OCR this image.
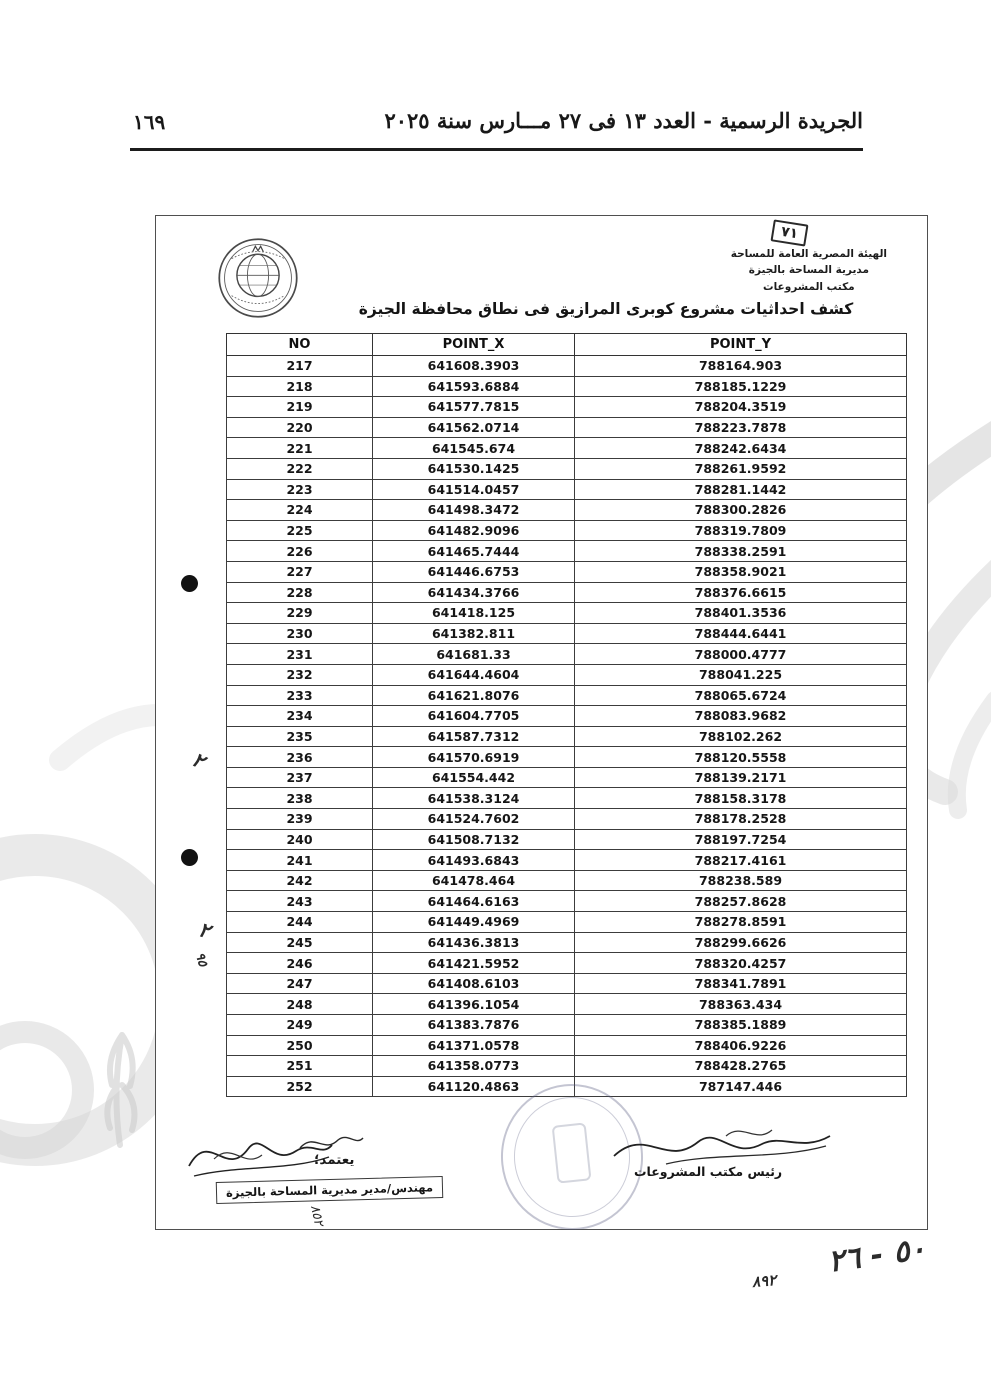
الجريدة الرسمية - العدد ١٣ فى ٢٧ مـــارس سنة ٢٠٢٥
١٦٩
٢
٢
٩٥
٧١
الهيئة المصرية العامة للمساحة
مديرية المساحة بالجيزة
مكتب المشروعات
كشف احداثيات مشروع كوبرى المرازيق فى نطاق محافظة الجيزة
NO	POINT_X	POINT_Y
217	641608.3903	788164.903
218	641593.6884	788185.1229
219	641577.7815	788204.3519
220	641562.0714	788223.7878
221	641545.674	788242.6434
222	641530.1425	788261.9592
223	641514.0457	788281.1442
224	641498.3472	788300.2826
225	641482.9096	788319.7809
226	641465.7444	788338.2591
227	641446.6753	788358.9021
228	641434.3766	788376.6615
229	641418.125	788401.3536
230	641382.811	788444.6441
231	641681.33	788000.4777
232	641644.4604	788041.225
233	641621.8076	788065.6724
234	641604.7705	788083.9682
235	641587.7312	788102.262
236	641570.6919	788120.5558
237	641554.442	788139.2171
238	641538.3124	788158.3178
239	641524.7602	788178.2528
240	641508.7132	788197.7254
241	641493.6843	788217.4161
242	641478.464	788238.589
243	641464.6163	788257.8628
244	641449.4969	788278.8591
245	641436.3813	788299.6626
246	641421.5952	788320.4257
247	641408.6103	788341.7891
248	641396.1054	788363.434
249	641383.7876	788385.1889
250	641371.0578	788406.9226
251	641358.0773	788428.2765
252	641120.4863	787147.446
يعتمد؛
مهندس/مدير مديرية المساحة بالجيزة
٨٥٢
رئيس مكتب المشروعات
٥٠ - ٢٦
٨٩٢
